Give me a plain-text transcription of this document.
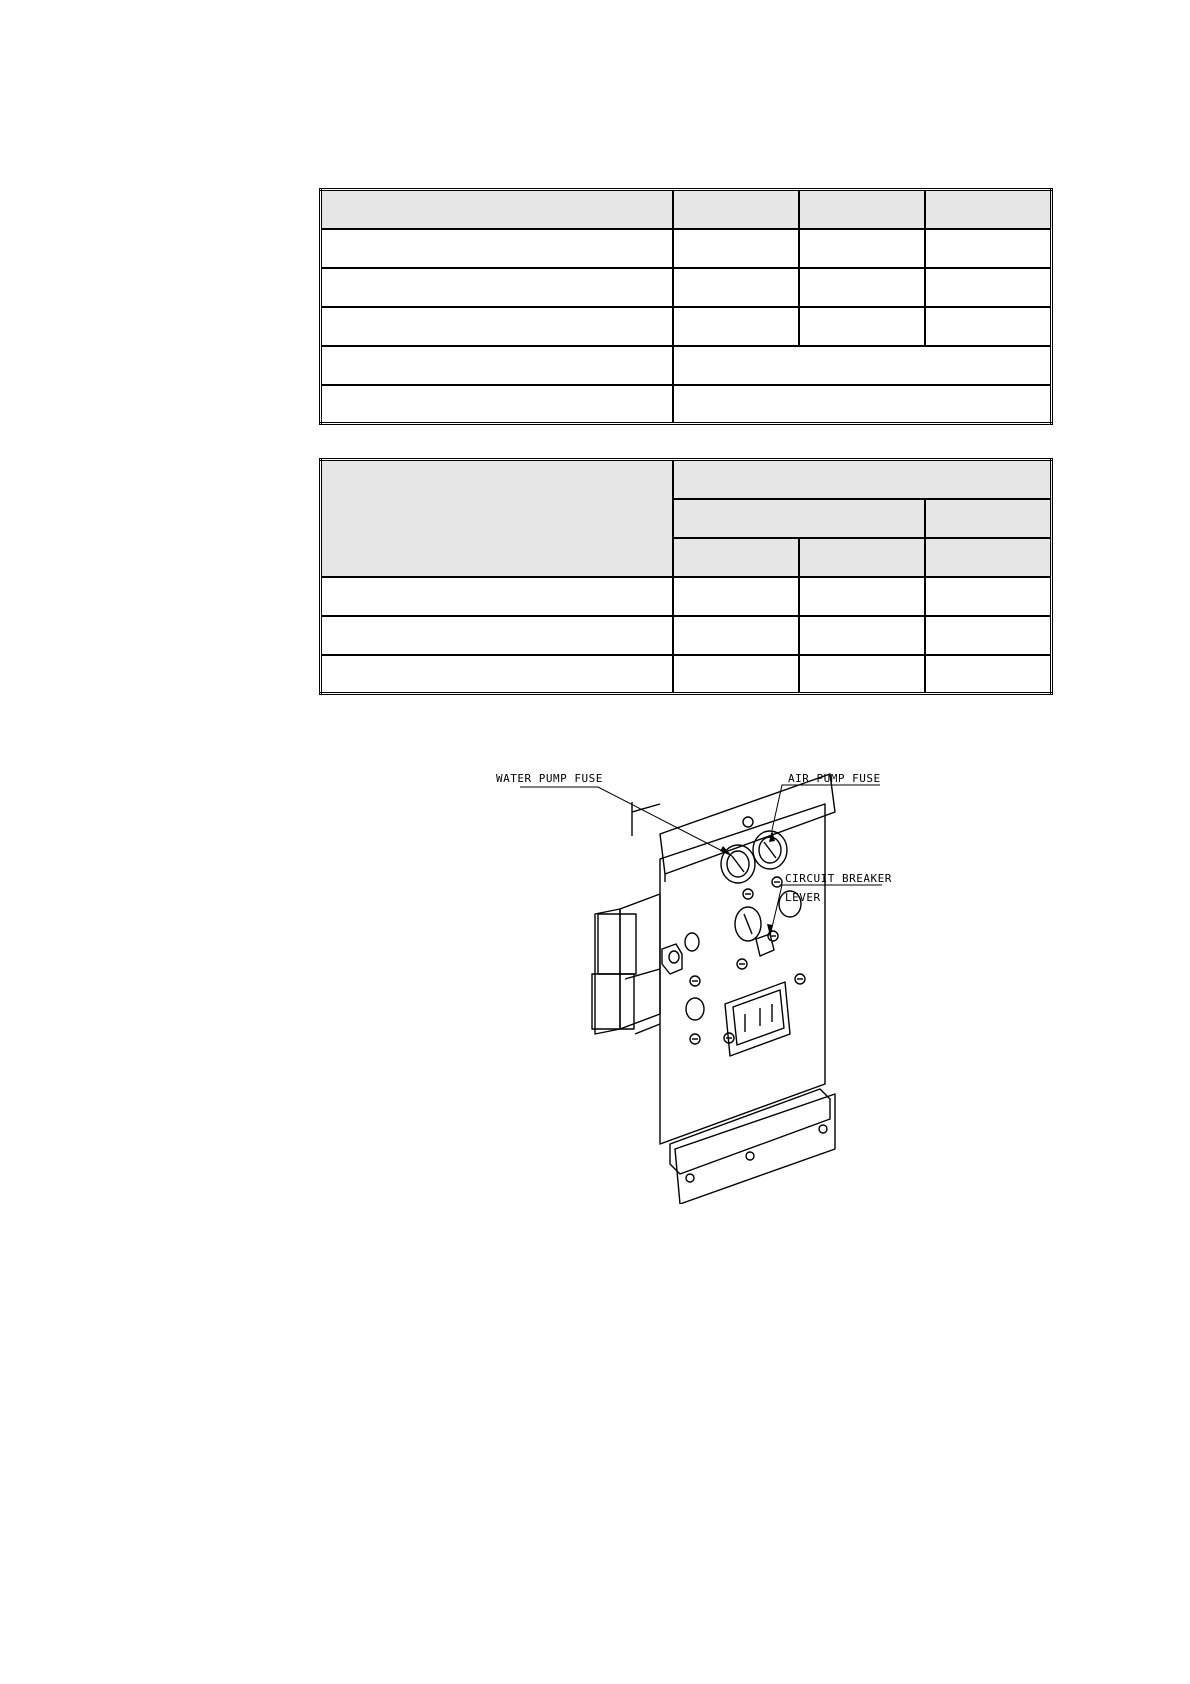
WATER PUMP FUSE	AIR PUMP FUSE
CIRCUIT BREAKER
LEVER
